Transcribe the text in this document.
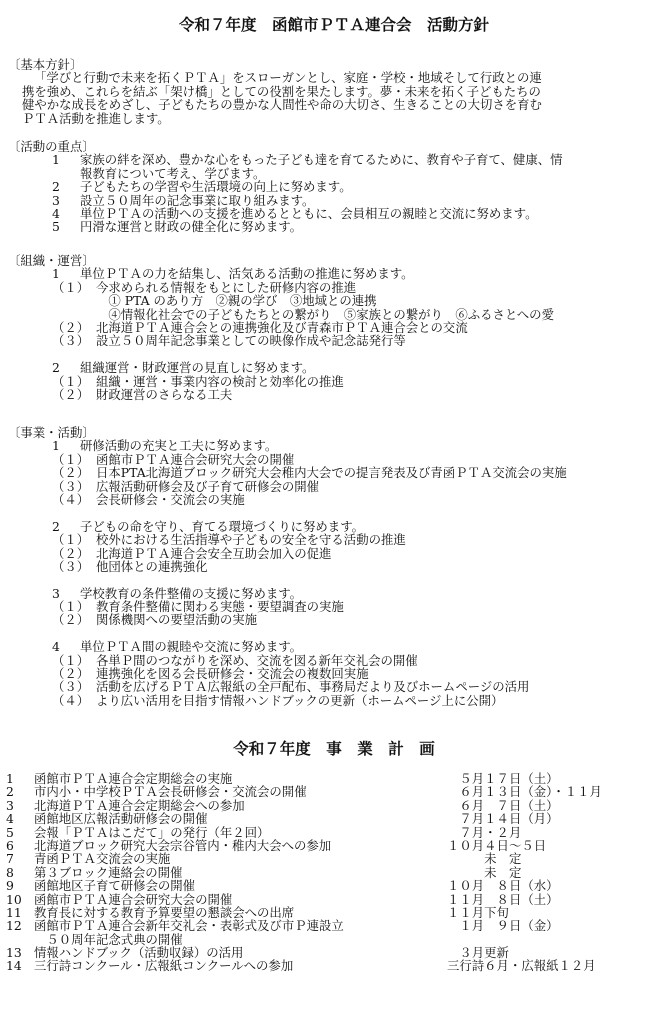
令和７年度　函館市ＰＴＡ連合会　活動方針
〔基本方針〕
「学びと行動で未来を拓くＰＴＡ」をスローガンとし、家庭・学校・地域そして行政との連
携を強め、これらを結ぶ「架け橋」としての役割を果たします。夢・未来を拓く子どもたちの
健やかな成長をめざし、子どもたちの豊かな人間性や命の大切さ、生きることの大切さを育む
ＰＴＡ活動を推進します。
〔活動の重点〕
1	家族の絆を深め、豊かな心をもった子ども達を育てるために、教育や子育て、健康、情
報教育について考え、学びます。
2	子どもたちの学習や生活環境の向上に努めます。
3	設立５０周年の記念事業に取り組みます。
4	単位ＰＴＡの活動への支援を進めるとともに、会員相互の親睦と交流に努めます。
5	円滑な運営と財政の健全化に努めます。
〔組織・運営〕
1	単位ＰＴＡの力を結集し、活気ある活動の推進に努めます。
（１） 今求められる情報をもとにした研修内容の推進
　① PTA のあり方　②親の学び　③地域との連携
　④情報化社会での子どもたちとの繋がり　⑤家族との繋がり　⑥ふるさとへの愛
（２） 北海道ＰＴＡ連合会との連携強化及び青森市ＰＴＡ連合会との交流
（３） 設立５０周年記念事業としての映像作成や記念誌発行等
2	組織運営・財政運営の見直しに努めます。
（１） 組織・運営・事業内容の検討と効率化の推進
（２） 財政運営のさらなる工夫
〔事業・活動〕
1	研修活動の充実と工夫に努めます。
（１） 函館市ＰＴＡ連合会研究大会の開催
（２） 日本PTA北海道ブロック研究大会稚内大会での提言発表及び青函ＰＴＡ交流会の実施
（３） 広報活動研修会及び子育て研修会の開催
（４） 会長研修会・交流会の実施
2	子どもの命を守り、育てる環境づくりに努めます。
（１） 校外における生活指導や子どもの安全を守る活動の推進
（２） 北海道ＰＴＡ連合会安全互助会加入の促進
（３） 他団体との連携強化
3	学校教育の条件整備の支援に努めます。
（１） 教育条件整備に関わる実態・要望調査の実施
（２） 関係機関への要望活動の実施
4	単位ＰＴＡ間の親睦や交流に努めます。
（１） 各単Ｐ間のつながりを深め、交流を図る新年交礼会の開催
（２） 連携強化を図る会長研修会・交流会の複数回実施
（３） 活動を広げるＰＴＡ広報紙の全戸配布、事務局だより及びホームページの活用
（４） より広い活用を目指す情報ハンドブックの更新（ホームページ上に公開）
令和７年度　事　業　計　画
1	函館市ＰＴＡ連合会定期総会の実施	　５月１７日（土）
2	市内小・中学校ＰＴＡ会長研修会・交流会の開催	　６月１３日（金）・１１月
3	北海道ＰＴＡ連合会定期総会への参加	　６月　７日（土）
4	函館地区広報活動研修会の開催	　７月１４日（月）
5	会報「ＰＴＡはこだて」の発行（年２回）	　７月・２月
6	北海道ブロック研究大会宗谷管内・稚内大会への参加	１０月４日～５日
7	青函ＰＴＡ交流会の実施	　　　未　定
8	第３ブロック連絡会の開催	　　　未　定
9	函館地区子育て研修会の開催	１０月　８日（水）
10 函館市ＰＴＡ連合会研究大会の開催	１１月　８日（土）
11 教育長に対する教育予算要望の懇談会への出席	１１月下旬
12 函館市ＰＴＡ連合会新年交礼会・表彰式及び市Ｐ連設立	　１月　９日（金）
　５０周年記念式典の開催
13 情報ハンドブック（活動収録）の活用	　３月更新
14 三行詩コンクール・広報紙コンクールへの参加	三行詩６月・広報紙１２月
